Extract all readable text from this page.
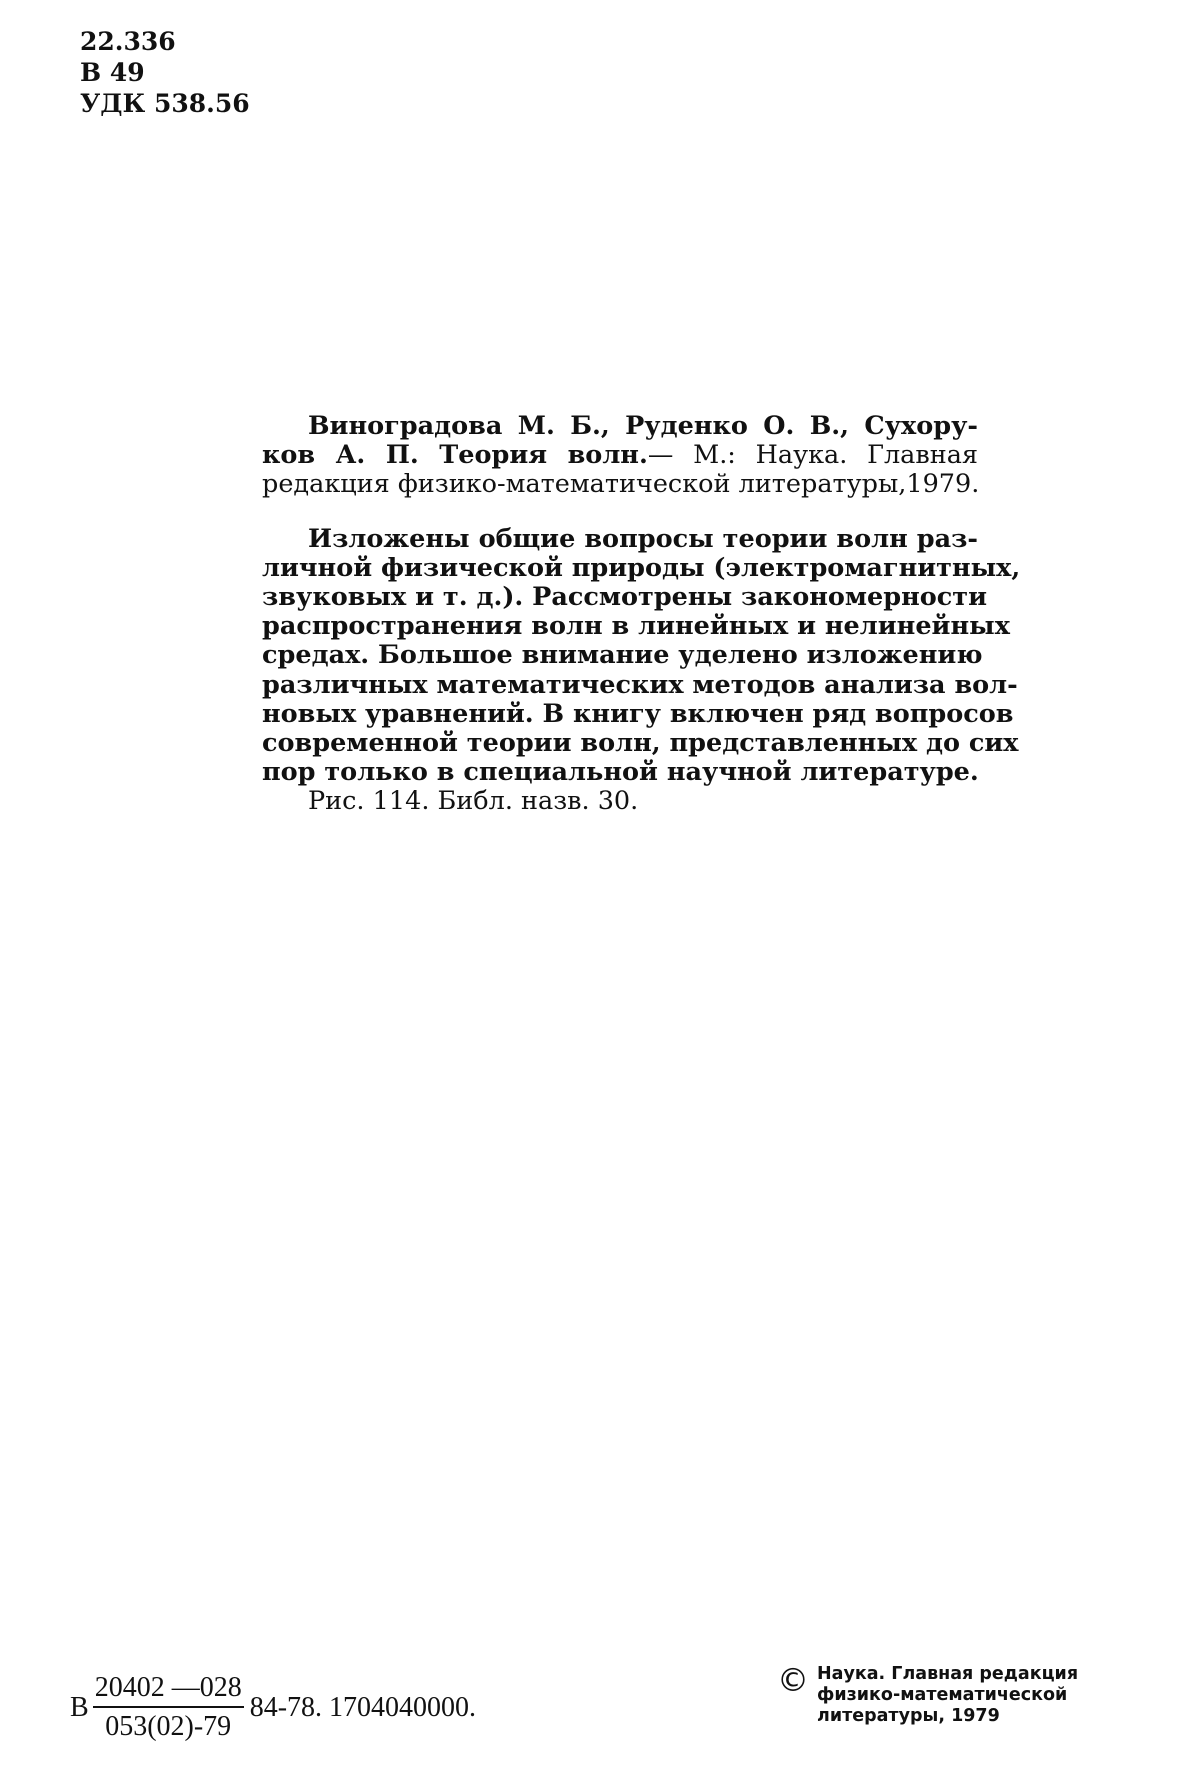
22.336
В 49
УДК 538.56
Виноградова М. Б., Руденко О. В., Сухору-
ков А. П. Теория волн.— М.: Наука. Главная
редакция физико-математической литературы,1979.
Изложены общие вопросы теории волн раз-
личной физической природы (электромагнитных,
звуковых и т. д.). Рассмотрены закономерности
распространения волн в линейных и нелинейных
средах. Большое внимание уделено изложению
различных математических методов анализа вол-
новых уравнений. В книгу включен ряд вопросов
современной теории волн, представленных до сих
пор только в специальной научной литературе.
Рис. 114. Библ. назв. 30.
В $\frac{20402 —028}{053(02)-79} 84-78$. 1704040000.
© Наука. Главная редакция
физико-математической
литературы, 1979
